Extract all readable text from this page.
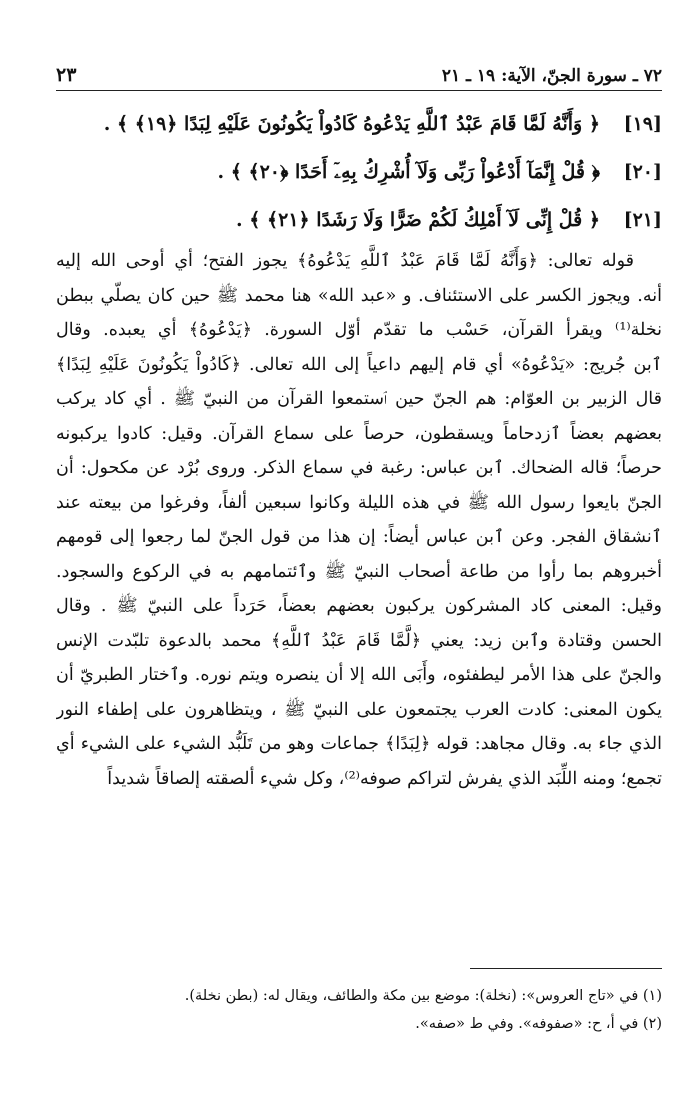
٧٢ ـ سورة الجنّ، الآية: ١٩ ـ ٢١
٢٣
[١٩]
﴿ وَأَنَّهُ لَمَّا قَامَ عَبْدُ ٱللَّهِ يَدْعُوهُ كَادُواْ يَكُونُونَ عَلَيْهِ لِبَدًا ﴿١٩﴾ ﴾ .
[٢٠]
﴿ قُلْ إِنَّمَآ أَدْعُواْ رَبِّى وَلَآ أُشْرِكُ بِهِۦٓ أَحَدًا ﴿٢٠﴾ ﴾ .
[٢١]
﴿ قُلْ إِنِّى لَآ أَمْلِكُ لَكُمْ ضَرًّا وَلَا رَشَدًا ﴿٢١﴾ ﴾ .
قوله تعالى: ﴿وَأَنَّهُ لَمَّا قَامَ عَبْدُ ٱللَّهِ يَدْعُوهُ﴾ يجوز الفتح؛ أي أوحى الله إليه
أنه. ويجوز الكسر على الاستئناف. و «عبد الله» هنا محمد ﷺ حين كان يصلّي ببطن
نخلة⁽¹⁾ ويقرأ القرآن، حَسْب ما تقدّم أوّل السورة. ﴿يَدْعُوهُ﴾ أي يعبده. وقال
ٱبن جُريج: «يَدْعُوهُ» أي قام إليهم داعياً إلى الله تعالى. ﴿كَادُواْ يَكُونُونَ عَلَيْهِ لِبَدًا﴾
قال الزبير بن العوّام: هم الجنّ حين ٱستمعوا القرآن من النبيّ ﷺ . أي كاد يركب
بعضهم بعضاً ٱزدحاماً ويسقطون، حرصاً على سماع القرآن. وقيل: كادوا يركبونه
حرصاً؛ قاله الضحاك. ٱبن عباس: رغبة في سماع الذكر. وروى بُرْد عن مكحول: أن
الجنّ بايعوا رسول الله ﷺ في هذه الليلة وكانوا سبعين ألفاً، وفرغوا من بيعته عند
ٱنشقاق الفجر. وعن ٱبن عباس أيضاً: إن هذا من قول الجنّ لما رجعوا إلى قومهم
أخبروهم بما رأوا من طاعة أصحاب النبيّ ﷺ وٱئتمامهم به في الركوع والسجود.
وقيل: المعنى كاد المشركون يركبون بعضهم بعضاً، حَرَداً على النبيّ ﷺ . وقال
الحسن وقتادة وٱبن زيد: يعني ﴿لَّمَّا قَامَ عَبْدُ ٱللَّهِ﴾ محمد بالدعوة تلبّدت الإنس
والجنّ على هذا الأمر ليطفئوه، وأَبَى الله إلا أن ينصره ويتم نوره. وٱختار الطبريّ أن
يكون المعنى: كادت العرب يجتمعون على النبيّ ﷺ ، ويتظاهرون على إطفاء النور
الذي جاء به. وقال مجاهد: قوله ﴿لِبَدًا﴾ جماعات وهو من تَلَبُّد الشيء على الشيء أي
تجمع؛ ومنه اللِّبَد الذي يفرش لتراكم صوفه⁽²⁾، وكل شيء ألصقته إلصاقاً شديداً
(١) في «تاج العروس»: (نخلة): موضع بين مكة والطائف، ويقال له: (بطن نخلة).
(٢) في أ، ح: «صفوفه». وفي ط «صفه».
